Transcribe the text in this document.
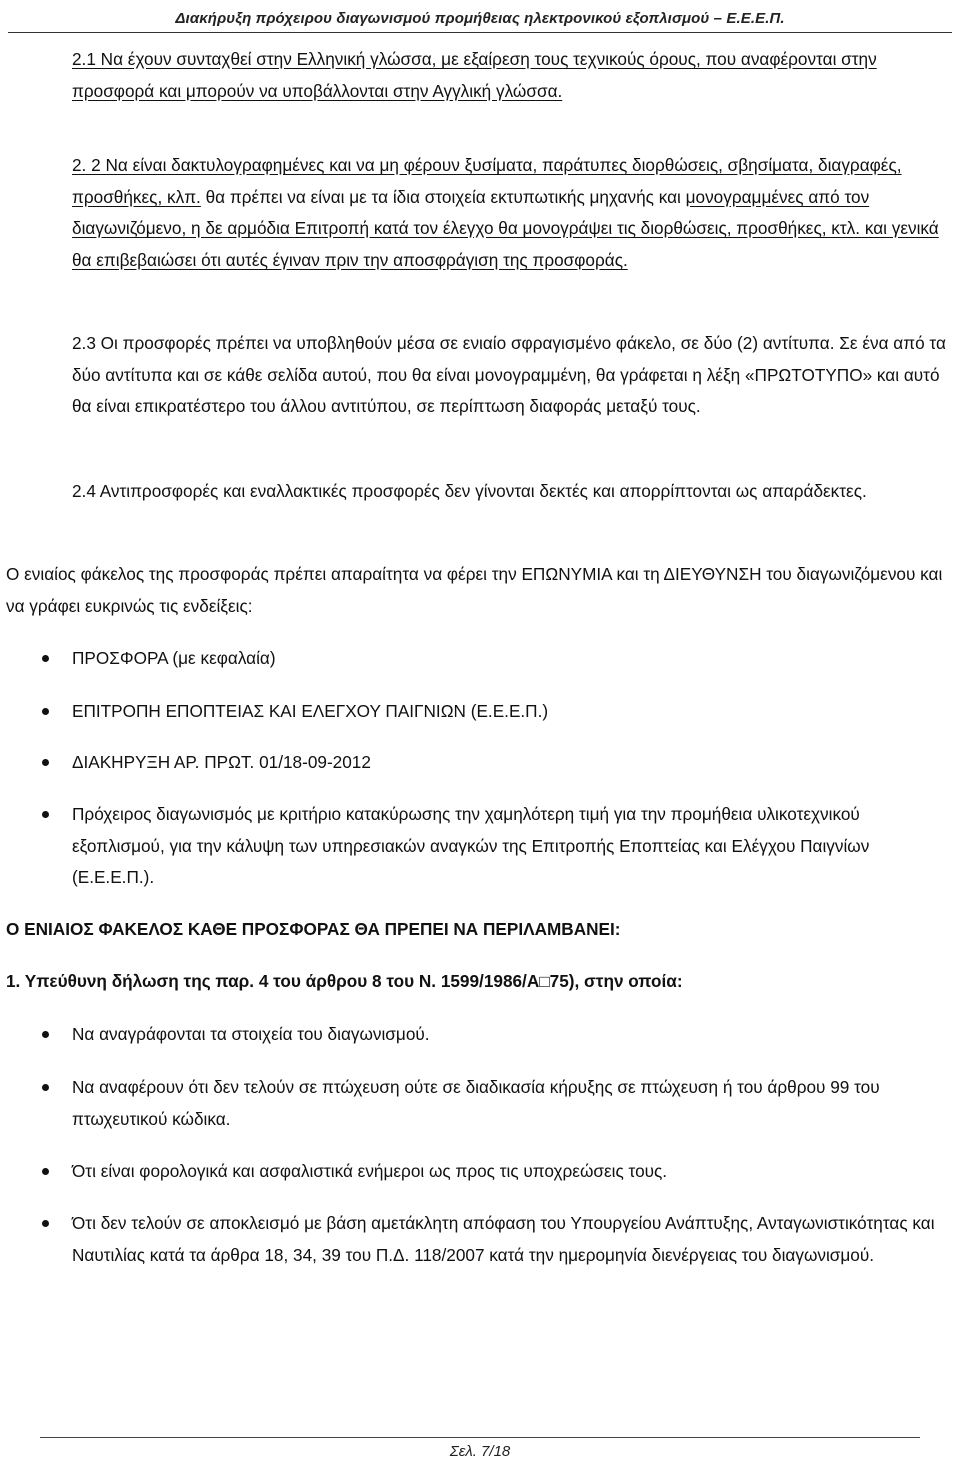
Διακήρυξη πρόχειρου διαγωνισμού προμήθειας ηλεκτρονικού εξοπλισμού – Ε.Ε.Ε.Π.

2.1 Να έχουν συνταχθεί στην Ελληνική γλώσσα, με εξαίρεση τους τεχνικούς όρους, που αναφέρονται στην προσφορά και μπορούν να υποβάλλονται στην Αγγλική γλώσσα.

2. 2 Να είναι δακτυλογραφημένες και να μη φέρουν ξυσίματα, παράτυπες διορθώσεις, σβησίματα, διαγραφές, προσθήκες, κλπ. θα πρέπει να είναι με τα ίδια στοιχεία εκτυπωτικής μηχανής και μονογραμμένες από τον διαγωνιζόμενο, η δε αρμόδια Επιτροπή κατά τον έλεγχο θα μονογράψει τις διορθώσεις, προσθήκες, κτλ. και γενικά θα επιβεβαιώσει ότι αυτές έγιναν πριν την αποσφράγιση της προσφοράς.

2.3 Οι προσφορές πρέπει να υποβληθούν μέσα σε ενιαίο σφραγισμένο φάκελο, σε δύο (2) αντίτυπα. Σε ένα από τα δύο αντίτυπα και σε κάθε σελίδα αυτού, που θα είναι μονογραμμένη, θα γράφεται η λέξη «ΠΡΩΤΟΤΥΠΟ» και αυτό θα είναι επικρατέστερο του άλλου αντιτύπου, σε περίπτωση διαφοράς μεταξύ τους.

2.4 Αντιπροσφορές και εναλλακτικές προσφορές δεν γίνονται δεκτές και απορρίπτονται ως απαράδεκτες.

Ο ενιαίος φάκελος της προσφοράς πρέπει απαραίτητα να φέρει την ΕΠΩΝΥΜΙΑ και τη ΔΙΕΥΘΥΝΣΗ του διαγωνιζόμενου και να γράφει ευκρινώς τις ενδείξεις:

ΠΡΟΣΦΟΡΑ (με κεφαλαία)
ΕΠΙΤΡΟΠΗ ΕΠΟΠΤΕΙΑΣ ΚΑΙ ΕΛΕΓΧΟΥ ΠΑΙΓΝΙΩΝ (Ε.Ε.Ε.Π.)
ΔΙΑΚΗΡΥΞΗ ΑΡ. ΠΡΩΤ. 01/18-09-2012
Πρόχειρος διαγωνισμός με κριτήριο κατακύρωσης την χαμηλότερη τιμή για την προμήθεια υλικοτεχνικού εξοπλισμού, για την κάλυψη των υπηρεσιακών αναγκών της Επιτροπής Εποπτείας και Ελέγχου Παιγνίων (Ε.Ε.Ε.Π.).

Ο ΕΝΙΑΙΟΣ ΦΑΚΕΛΟΣ ΚΑΘΕ ΠΡΟΣΦΟΡΑΣ ΘΑ ΠΡΕΠΕΙ ΝΑ ΠΕΡΙΛΑΜΒΑΝΕΙ:

1. Υπεύθυνη δήλωση της παρ. 4 του άρθρου 8 του Ν. 1599/1986/Α□75), στην οποία:

Να αναγράφονται τα στοιχεία του διαγωνισμού.
Να αναφέρουν ότι δεν τελούν σε πτώχευση ούτε σε διαδικασία κήρυξης σε πτώχευση ή του άρθρου 99 του πτωχευτικού κώδικα.
Ότι είναι φορολογικά και ασφαλιστικά ενήμεροι ως προς τις υποχρεώσεις τους.
Ότι δεν τελούν σε αποκλεισμό με βάση αμετάκλητη απόφαση του Υπουργείου Ανάπτυξης, Ανταγωνιστικότητας και Ναυτιλίας κατά τα άρθρα 18, 34, 39 του Π.Δ. 118/2007 κατά την ημερομηνία διενέργειας του διαγωνισμού.
Σελ. 7/18
